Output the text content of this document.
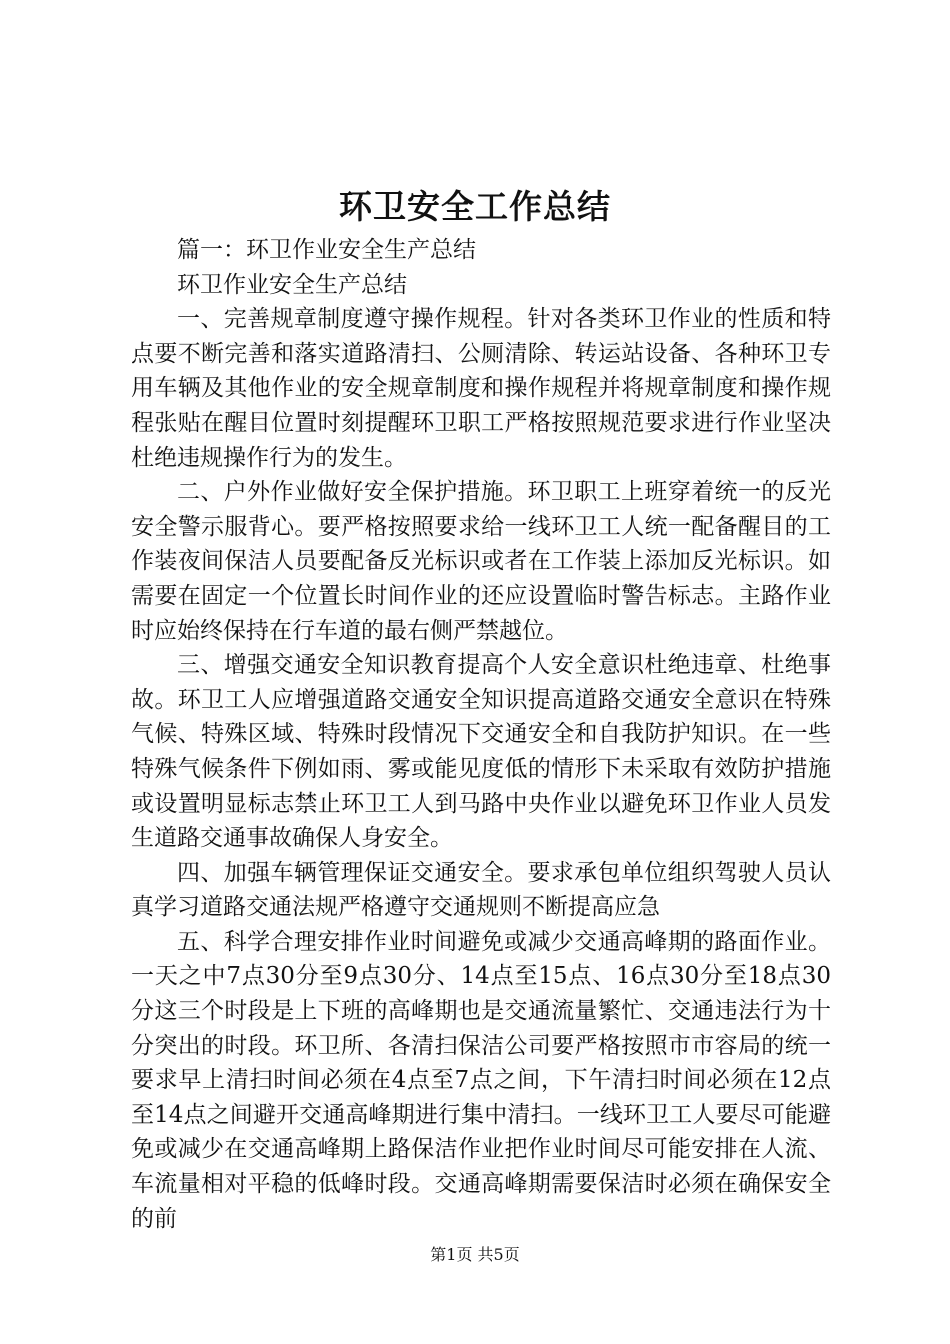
环卫安全工作总结

篇一：环卫作业安全生产总结

环卫作业安全生产总结

一、完善规章制度遵守操作规程。针对各类环卫作业的性质和特点要不断完善和落实道路清扫、公厕清除、转运站设备、各种环卫专用车辆及其他作业的安全规章制度和操作规程并将规章制度和操作规程张贴在醒目位置时刻提醒环卫职工严格按照规范要求进行作业坚决杜绝违规操作行为的发生。

二、户外作业做好安全保护措施。环卫职工上班穿着统一的反光安全警示服背心。要严格按照要求给一线环卫工人统一配备醒目的工作装夜间保洁人员要配备反光标识或者在工作装上添加反光标识。如需要在固定一个位置长时间作业的还应设置临时警告标志。主路作业时应始终保持在行车道的最右侧严禁越位。

三、增强交通安全知识教育提高个人安全意识杜绝违章、杜绝事故。环卫工人应增强道路交通安全知识提高道路交通安全意识在特殊气候、特殊区域、特殊时段情况下交通安全和自我防护知识。在一些特殊气候条件下例如雨、雾或能见度低的情形下未采取有效防护措施或设置明显标志禁止环卫工人到马路中央作业以避免环卫作业人员发生道路交通事故确保人身安全。

四、加强车辆管理保证交通安全。要求承包单位组织驾驶人员认真学习道路交通法规严格遵守交通规则不断提高应急

五、科学合理安排作业时间避免或减少交通高峰期的路面作业。一天之中7点30分至9点30分、14点至15点、16点30分至18点30分这三个时段是上下班的高峰期也是交通流量繁忙、交通违法行为十分突出的时段。环卫所、各清扫保洁公司要严格按照市市容局的统一要求早上清扫时间必须在4点至7点之间，下午清扫时间必须在12点至14点之间避开交通高峰期进行集中清扫。一线环卫工人要尽可能避免或减少在交通高峰期上路保洁作业把作业时间尽可能安排在人流、车流量相对平稳的低峰时段。交通高峰期需要保洁时必须在确保安全的前

第1页 共5页
